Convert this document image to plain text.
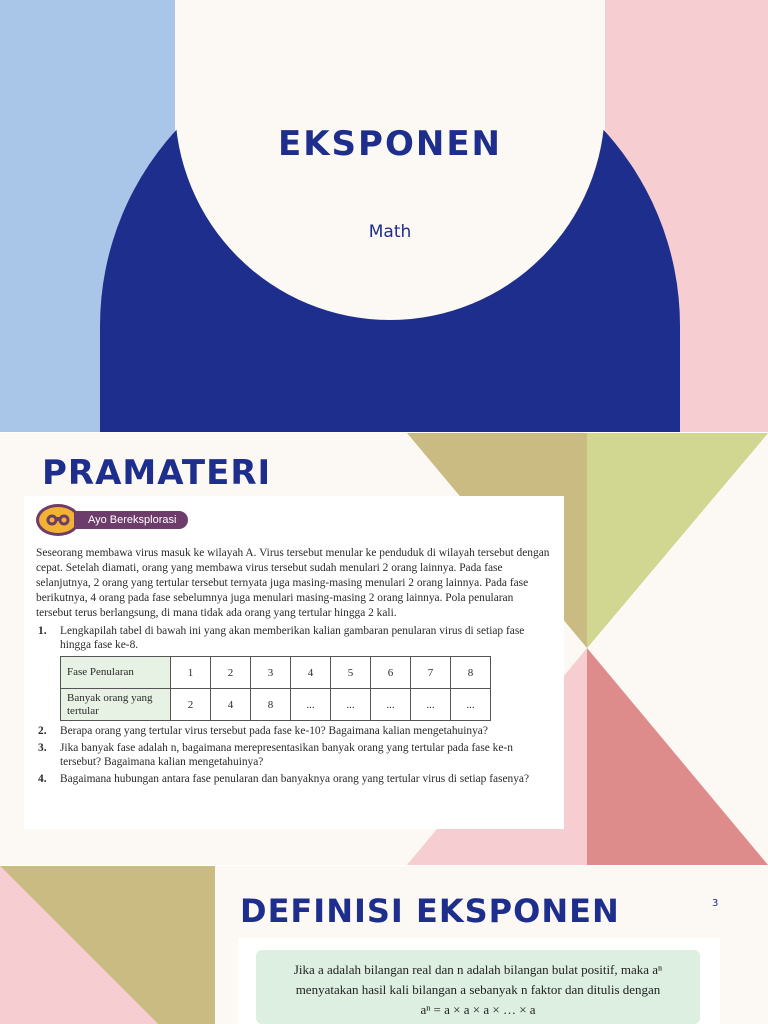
EKSPONEN
Math
PRAMATERI
Ayo Bereksplorasi

Seseorang membawa virus masuk ke wilayah A. Virus tersebut menular ke penduduk di wilayah tersebut dengan cepat. Setelah diamati, orang yang membawa virus tersebut sudah menulari 2 orang lainnya. Pada fase selanjutnya, 2 orang yang tertular tersebut ternyata juga masing-masing menulari 2 orang lainnya. Pada fase berikutnya, 4 orang pada fase sebelumnya juga menulari masing-masing 2 orang lainnya. Pola penularan tersebut terus berlangsung, di mana tidak ada orang yang tertular hingga 2 kali.

1.	Lengkapilah tabel di bawah ini yang akan memberikan kalian gambaran penularan virus di setiap fase hingga fase ke-8.
Fase Penularan	1	2	3	4	5	6	7	8
Banyak orang yang tertular	2	4	8	...	...	...	...	...
2.	Berapa orang yang tertular virus tersebut pada fase ke-10? Bagaimana kalian mengetahuinya?
3.	Jika banyak fase adalah n, bagaimana merepresentasikan banyak orang yang tertular pada fase ke-n tersebut? Bagaimana kalian mengetahuinya?
4.	Bagaimana hubungan antara fase penularan dan banyaknya orang yang tertular virus di setiap fasenya?
DEFINISI EKSPONEN	3
Jika a adalah bilangan real dan n adalah bilangan bulat positif, maka aⁿ
menyatakan hasil kali bilangan a sebanyak n faktor dan ditulis dengan
aⁿ = a × a × a × … × a
